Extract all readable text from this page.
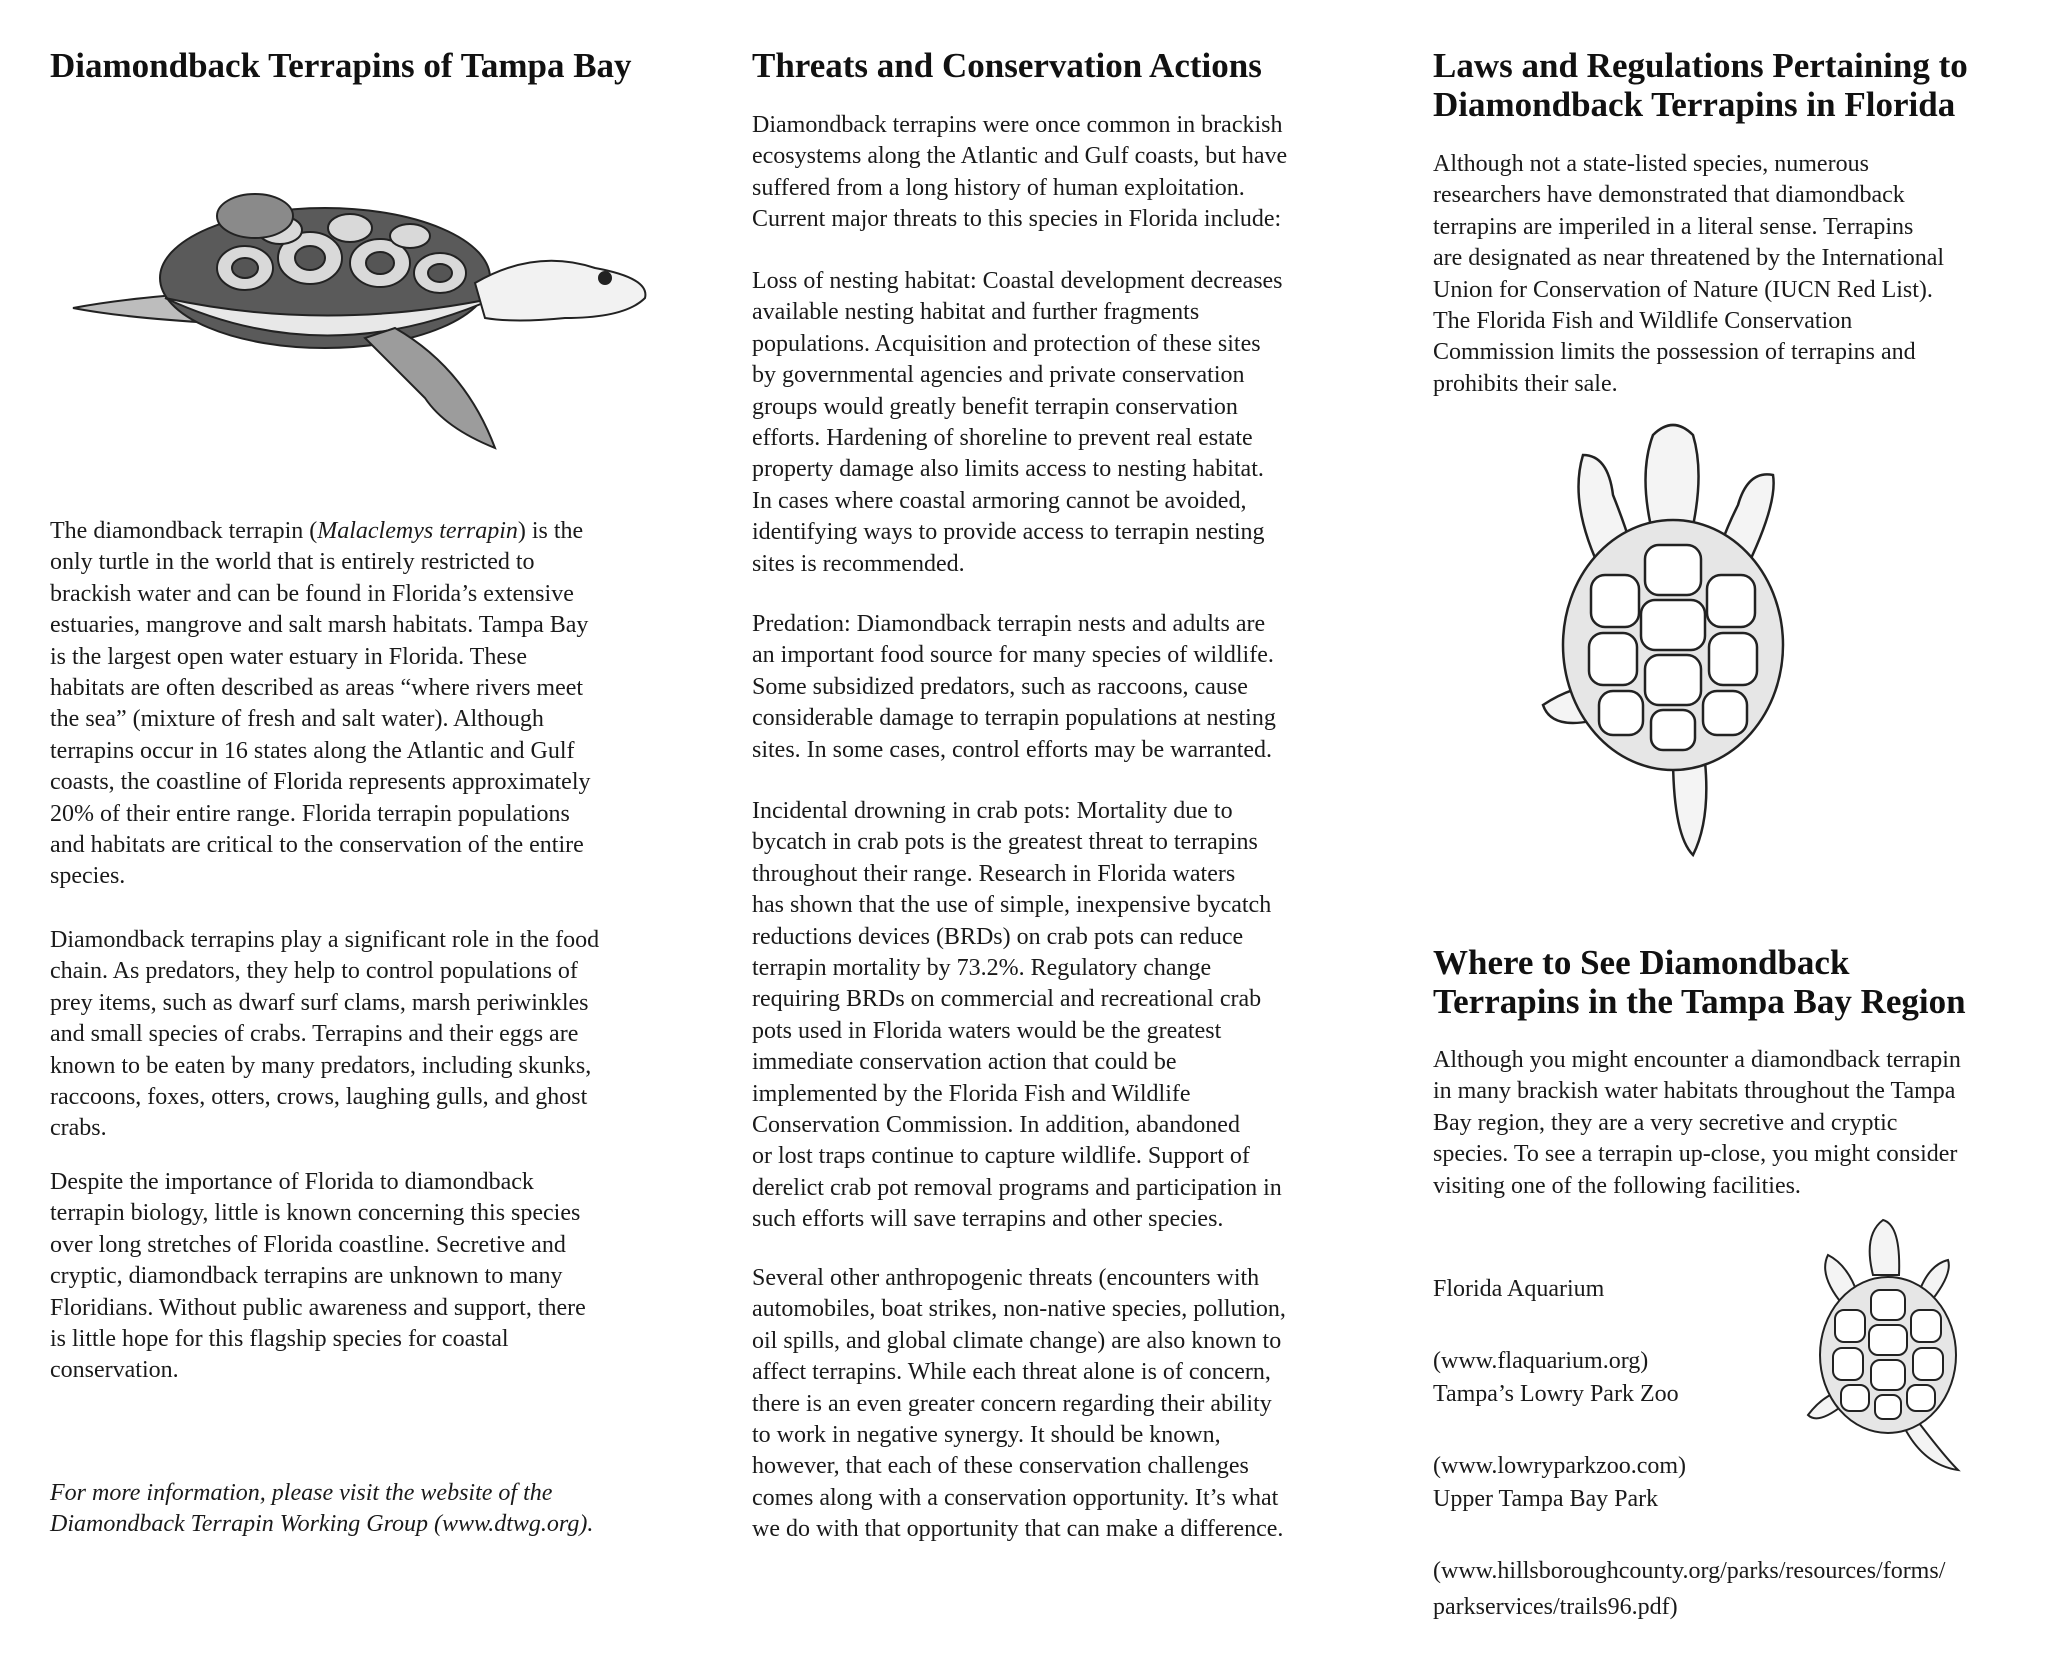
Diamondback Terrapins of Tampa Bay

The diamondback terrapin (Malaclemys terrapin) is the
only turtle in the world that is entirely restricted to
brackish water and can be found in Florida’s extensive
estuaries, mangrove and salt marsh habitats. Tampa Bay
is the largest open water estuary in Florida. These
habitats are often described as areas “where rivers meet
the sea” (mixture of fresh and salt water). Although
terrapins occur in 16 states along the Atlantic and Gulf
coasts, the coastline of Florida represents approximately
20% of their entire range. Florida terrapin populations
and habitats are critical to the conservation of the entire
species.

Diamondback terrapins play a significant role in the food
chain. As predators, they help to control populations of
prey items, such as dwarf surf clams, marsh periwinkles
and small species of crabs. Terrapins and their eggs are
known to be eaten by many predators, including skunks,
raccoons, foxes, otters, crows, laughing gulls, and ghost
crabs.

Despite the importance of Florida to diamondback
terrapin biology, little is known concerning this species
over long stretches of Florida coastline. Secretive and
cryptic, diamondback terrapins are unknown to many
Floridians. Without public awareness and support, there
is little hope for this flagship species for coastal
conservation.

For more information, please visit the website of the
Diamondback Terrapin Working Group (www.dtwg.org).

Threats and Conservation Actions

Diamondback terrapins were once common in brackish
ecosystems along the Atlantic and Gulf coasts, but have
suffered from a long history of human exploitation.
Current major threats to this species in Florida include:

Loss of nesting habitat: Coastal development decreases
available nesting habitat and further fragments
populations. Acquisition and protection of these sites
by governmental agencies and private conservation
groups would greatly benefit terrapin conservation
efforts. Hardening of shoreline to prevent real estate
property damage also limits access to nesting habitat.
In cases where coastal armoring cannot be avoided,
identifying ways to provide access to terrapin nesting
sites is recommended.

Predation: Diamondback terrapin nests and adults are
an important food source for many species of wildlife.
Some subsidized predators, such as raccoons, cause
considerable damage to terrapin populations at nesting
sites. In some cases, control efforts may be warranted.

Incidental drowning in crab pots: Mortality due to
bycatch in crab pots is the greatest threat to terrapins
throughout their range. Research in Florida waters
has shown that the use of simple, inexpensive bycatch
reductions devices (BRDs) on crab pots can reduce
terrapin mortality by 73.2%. Regulatory change
requiring BRDs on commercial and recreational crab
pots used in Florida waters would be the greatest
immediate conservation action that could be
implemented by the Florida Fish and Wildlife
Conservation Commission. In addition, abandoned
or lost traps continue to capture wildlife. Support of
derelict crab pot removal programs and participation in
such efforts will save terrapins and other species.

Several other anthropogenic threats (encounters with
automobiles, boat strikes, non-native species, pollution,
oil spills, and global climate change) are also known to
affect terrapins. While each threat alone is of concern,
there is an even greater concern regarding their ability
to work in negative synergy. It should be known,
however, that each of these conservation challenges
comes along with a conservation opportunity. It’s what
we do with that opportunity that can make a difference.

Laws and Regulations Pertaining to
Diamondback Terrapins in Florida

Although not a state-listed species, numerous
researchers have demonstrated that diamondback
terrapins are imperiled in a literal sense. Terrapins
are designated as near threatened by the International
Union for Conservation of Nature (IUCN Red List).
The Florida Fish and Wildlife Conservation
Commission limits the possession of terrapins and
prohibits their sale.

Where to See Diamondback
Terrapins in the Tampa Bay Region

Although you might encounter a diamondback terrapin
in many brackish water habitats throughout the Tampa
Bay region, they are a very secretive and cryptic
species. To see a terrapin up-close, you might consider
visiting one of the following facilities.

Florida Aquarium

(www.flaquarium.org)

Tampa’s Lowry Park Zoo

(www.lowryparkzoo.com)

Upper Tampa Bay Park

(www.hillsboroughcounty.org/parks/resources/forms/
parkservices/trails96.pdf)
